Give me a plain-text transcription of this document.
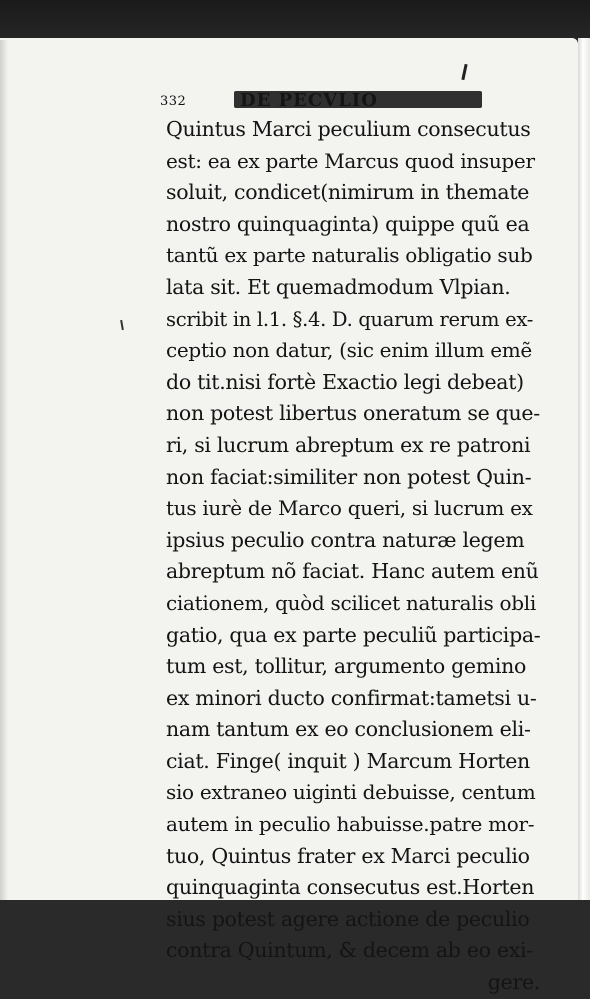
332
Quintus Marci peculium consecutus
est: ea ex parte Marcus quod insuper
soluit, condicet(nimirum in themate
nostro quinquaginta) quippe quũ ea
tantũ ex parte naturalis obligatio sub
lata sit. Et quemadmodum Vlpian.
scribit in l.1. §.4. D. quarum rerum ex-
ceptio non datur, (sic enim illum emẽ
do tit.nisi fortè Exactio legi debeat)
non potest libertus oneratum se que-
ri, si lucrum abreptum ex re patroni
non faciat:similiter non potest Quin-
tus iurè de Marco queri, si lucrum ex
ipsius peculio contra naturæ legem
abreptum nõ faciat. Hanc autem enũ
ciationem, quòd scilicet naturalis obli
gatio, qua ex parte peculiũ participa-
tum est, tollitur, argumento gemino
ex minori ducto confirmat:tametsi u-
nam tantum ex eo conclusionem eli-
ciat. Finge( inquit ) Marcum Horten
sio extraneo uiginti debuisse, centum
autem in peculio habuisse.patre mor-
tuo, Quintus frater ex Marci peculio
quinquaginta consecutus est.Horten
sius potest agere actione de peculio
contra Quintum, & decem ab eo exi-
gere.
